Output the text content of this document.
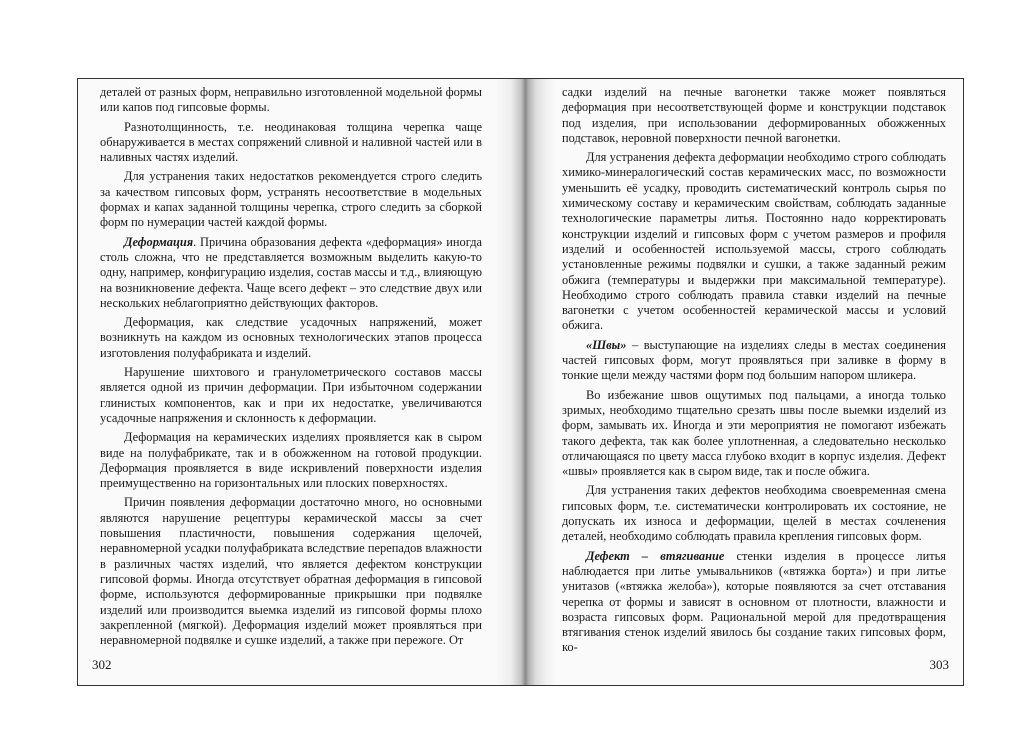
деталей от разных форм, неправильно изготовленной модельной формы или капов под гипсовые формы.

Разнотолщинность, т.е. неодинаковая толщина черепка чаще обнаруживается в местах сопряжений сливной и наливной частей или в наливных частях изделий.

Для устранения таких недостатков рекомендуется строго следить за качеством гипсовых форм, устранять несоответствие в модельных формах и капах заданной толщины черепка, строго следить за сборкой форм по нумерации частей каждой формы.

Деформация. Причина образования дефекта «деформация» иногда столь сложна, что не представляется возможным выделить какую-то одну, например, конфигурацию изделия, состав массы и т.д., влияющую на возникновение дефекта. Чаще всего дефект – это следствие двух или нескольких неблагоприятно действующих факторов.

Деформация, как следствие усадочных напряжений, может возникнуть на каждом из основных технологических этапов процесса изготовления полуфабриката и изделий.

Нарушение шихтового и гранулометрического составов массы является одной из причин деформации. При избыточном содержании глинистых компонентов, как и при их недостатке, увеличиваются усадочные напряжения и склонность к деформации.

Деформация на керамических изделиях проявляется как в сыром виде на полуфабрикате, так и в обожженном на готовой продукции. Деформация проявляется в виде искривлений поверхности изделия преимущественно на горизонтальных или плоских поверхностях.

Причин появления деформации достаточно много, но основными являются нарушение рецептуры керамической массы за счет повышения пластичности, повышения содержания щелочей, неравномерной усадки полуфабриката вследствие перепадов влажности в различных частях изделий, что является дефектом конструкции гипсовой формы. Иногда отсутствует обратная деформация в гипсовой форме, используются деформированные прикрышки при подвялке изделий или производится выемка изделий из гипсовой формы плохо закрепленной (мягкой). Деформация изделий может проявляться при неравномерной подвялке и сушке изделий, а также при пережоге. От

302

садки изделий на печные вагонетки также может появляться деформация при несоответствующей форме и конструкции подставок под изделия, при использовании деформированных обожженных подставок, неровной поверхности печной вагонетки.

Для устранения дефекта деформации необходимо строго соблюдать химико-минералогический состав керамических масс, по возможности уменьшить её усадку, проводить систематический контроль сырья по химическому составу и керамическим свойствам, соблюдать заданные технологические параметры литья. Постоянно надо корректировать конструкции изделий и гипсовых форм с учетом размеров и профиля изделий и особенностей используемой массы, строго соблюдать установленные режимы подвялки и сушки, а также заданный режим обжига (температуры и выдержки при максимальной температуре). Необходимо строго соблюдать правила ставки изделий на печные вагонетки с учетом особенностей керамической массы и условий обжига.

«Швы» – выступающие на изделиях следы в местах соединения частей гипсовых форм, могут проявляться при заливке в форму в тонкие щели между частями форм под большим напором шликера.

Во избежание швов ощутимых под пальцами, а иногда только зримых, необходимо тщательно срезать швы после выемки изделий из форм, замывать их. Иногда и эти мероприятия не помогают избежать такого дефекта, так как более уплотненная, а следовательно несколько отличающаяся по цвету масса глубоко входит в корпус изделия. Дефект «швы» проявляется как в сыром виде, так и после обжига.

Для устранения таких дефектов необходима своевременная смена гипсовых форм, т.е. систематически контролировать их состояние, не допускать их износа и деформации, щелей в местах сочленения деталей, необходимо соблюдать правила крепления гипсовых форм.

Дефект – втягивание стенки изделия в процессе литья наблюдается при литье умывальников («втяжка борта») и при литье унитазов («втяжка желоба»), которые появляются за счет отставания черепка от формы и зависят в основном от плотности, влажности и возраста гипсовых форм. Рациональной мерой для предотвращения втягивания стенок изделий явилось бы создание таких гипсовых форм, ко-

303
